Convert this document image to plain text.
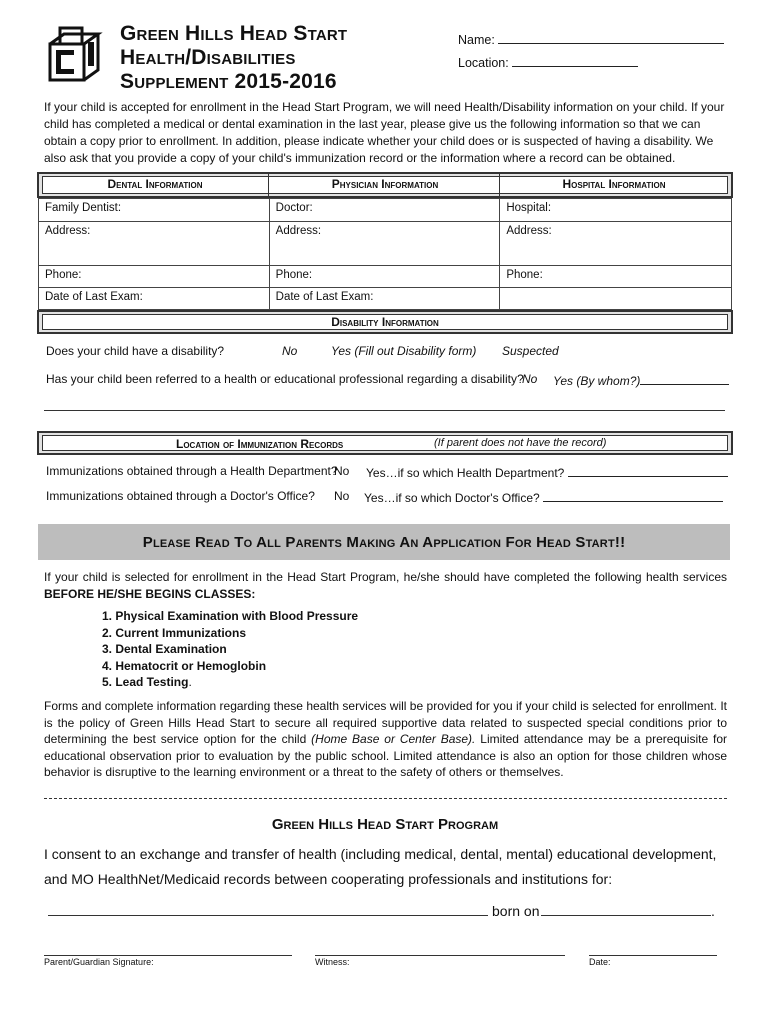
Green Hills Head Start
Health/Disabilities
Supplement 2015-2016
Name:
Location:
If your child is accepted for enrollment in the Head Start Program, we will need Health/Disability information on your child. If your child has completed a medical or dental examination in the last year, please give us the following information so that we can obtain a copy prior to enrollment. In addition, please indicate whether your child does or is suspected of having a disability. We also ask that you provide a copy of your child's immunization record or the information where a record can be obtained.
Dental Information	Physician Information	Hospital Information
Family Dentist:	Doctor:	Hospital:
Address:	Address:	Address:
Phone:	Phone:	Phone:
Date of Last Exam:	Date of Last Exam:	
Disability Information
Does your child have a disability?	No	Yes (Fill out Disability form) Suspected
Has your child been referred to a health or educational professional regarding a disability?
No Yes (By whom?)
Location of Immunization Records	(If parent does not have the record)
Immunizations obtained through a Health Department?
No Yes…if so which Health Department?
Immunizations obtained through a Doctor's Office? No Yes…if so which Doctor's Office?
Please Read To All Parents Making An Application For Head Start!!
If your child is selected for enrollment in the Head Start Program, he/she should have completed the following health services BEFORE HE/SHE BEGINS CLASSES:
1. Physical Examination with Blood Pressure
2. Current Immunizations
3. Dental Examination
4. Hematocrit or Hemoglobin
5. Lead Testing.
Forms and complete information regarding these health services will be provided for you if your child is selected for enrollment. It is the policy of Green Hills Head Start to secure all required supportive data related to suspected special conditions prior to determining the best service option for the child (Home Base or Center Base). Limited attendance may be a prerequisite for educational observation prior to evaluation by the public school. Limited attendance is also an option for those children whose behavior is disruptive to the learning environment or a threat to the safety of others or themselves.
Green Hills Head Start Program
I consent to an exchange and transfer of health (including medical, dental, mental) educational development,
and MO HealthNet/Medicaid records between cooperating professionals and institutions for:
born on	.
Parent/Guardian Signature:	Witness:	Date:
